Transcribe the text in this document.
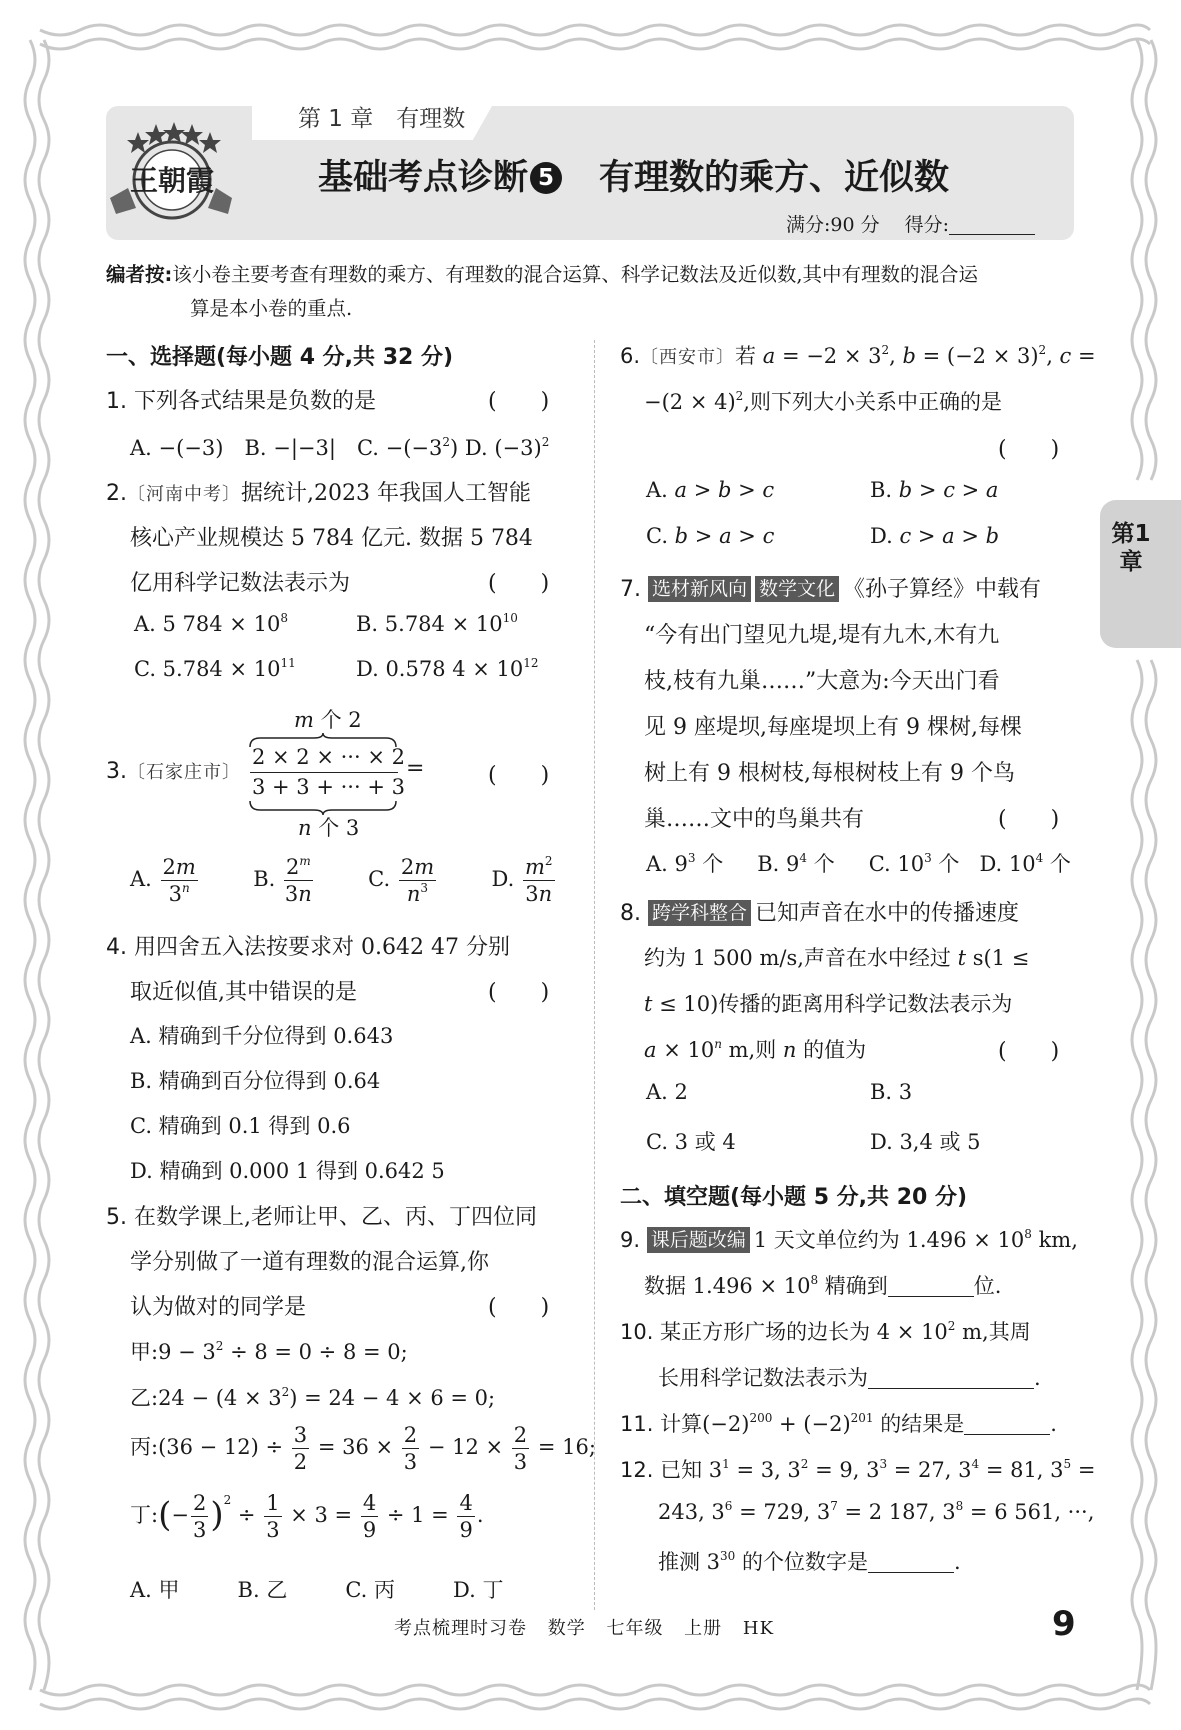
第 1 章　有理数
王朝霞	基础考点诊断 5　 有理数的乘方、近似数
满分:90 分　 得分:
编者按:该小卷主要考查有理数的乘方、有理数的混合运算、科学记数法及近似数,其中有理数的混合运
算是本小卷的重点.
一、选择题(每小题 4 分,共 32 分)
1. 下列各式结果是负数的是	(　　)
A. −(−3)　 B. −|−3|　 C. $-(-3^2)$ D. $(-3)^2$
2.〔河南中考〕据统计,2023 年我国人工智能
核心产业规模达 5 784 亿元. 数据 5 784
亿用科学记数法表示为	(　　)
A. 5 $784 \times 10^8$	B. $5.784 \times 10^{10}$
C. $5.784 \times 10^{11}$	D. 0.578 $4 \times 10^{12}$
3.〔石家庄市〕
m 个 2
2 × 2 × ··· × 2
3 + 3 + ··· + 3
n 个 3
=	(　　)
A. $\frac{2m}{3^n}$	B. $\frac{2^m}{3n}$	C. $\frac{2m}{n^3}$	D. $\frac{m^2}{3n}$
4. 用四舍五入法按要求对 0.642 47 分别
取近似值,其中错误的是	(　　)
A. 精确到千分位得到 0.643
B. 精确到百分位得到 0.64
C. 精确到 0.1 得到 0.6
D. 精确到 0.000 1 得到 0.642 5
5. 在数学课上,老师让甲、乙、丙、丁四位同
学分别做了一道有理数的混合运算,你
认为做对的同学是	(　　)
甲:9 − $3^2 \div 8 = 0 \div 8 = 0$;
乙:24 − $(4 \times 3^2) = 24 - 4 \times 6 = 0$;
丙:(36 − $12) \div \frac{3}{2} = 36 \times \frac{2}{3} - 12 \times \frac{2}{3} = 16$;
丁:(− $\frac{2}{3} )^2 \div \frac{1}{3} \times 3 = \frac{4}{9} \div 1 = \frac{4}{9}$ .
A. 甲	B. 乙	C. 丙	D. 丁
6.〔西安市〕若 $a = -2 \times 3^2$, $b = (-2 \times 3)^2$, c =
$-(2 \times 4)^2$,则下列大小关系中正确的是
(　　)
A. a > b > c	B. b > c > a
C. b > a > c	D. c > a > b
7. 选材新风向 数学文化 《孙子算经》中载有
“今有出门望见九堤,堤有九木,木有九
枝,枝有九巢……”大意为:今天出门看
见 9 座堤坝,每座堤坝上有 9 棵树,每棵
树上有 9 根树枝,每根树枝上有 9 个鸟
巢……文中的鸟巢共有	(　　)
A. $9^3$ 个 B. $9^4$ 个 C. $10^3$ 个 D. $10^4$ 个
8. 跨学科整合 已知声音在水中的传播速度
约为 1 500 m/s,声音在水中经过 t s(1 ≤
t ≤ 10)传播的距离用科学记数法表示为
$a \times 10^n$ m,则 n 的值为	(　　)
A. 2	B. 3
C. 3 或 4	D. 3,4 或 5
二、填空题(每小题 5 分,共 20 分)
9. 课后题改编 1 天文单位约为 $1.496 \times 10^8$ km,
数据 $1.496 \times 10^8$ 精确到	位.
10. 某正方形广场的边长为 $4 \times 10^2$ m,其周
长用科学记数法表示为	.
11. 计算$(-2)^{200} + (-2)^{201}$ 的结果是	.
12. 已知 $3^1 = 3$, $3^2 = 9$, $3^3 = 27$, $3^4 = 81$, $3^5$ =
243, $3^6 = 729$, $3^7 = 2$ 187, $3^8 = 6$ 561, ···,
推测 $3^{30}$ 的个位数字是	.
第1章
考点梳理时习卷 数学 七年级 上册 HK	9
